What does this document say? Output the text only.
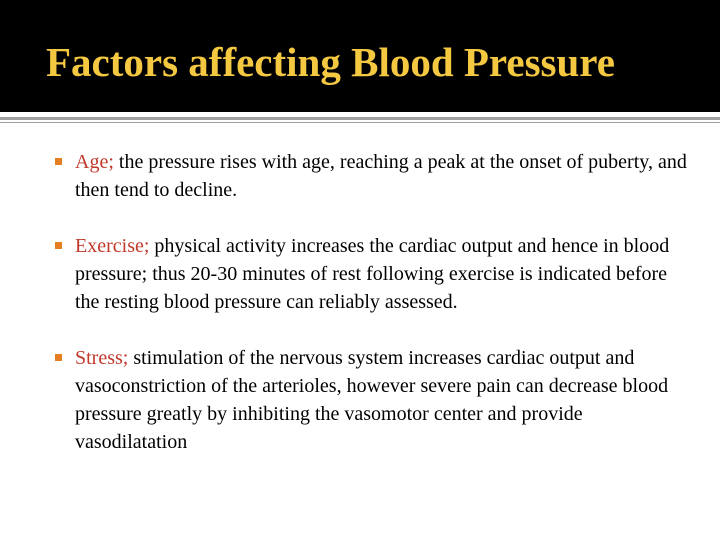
Factors affecting Blood Pressure
Age; the pressure rises with age, reaching a peak at the onset of puberty, and then tend to decline.
Exercise; physical activity increases the cardiac output and hence in blood pressure; thus 20-30 minutes of rest following exercise is indicated before the resting blood pressure can reliably assessed.
Stress; stimulation of the nervous system increases cardiac output and vasoconstriction of the arterioles, however severe pain can decrease blood pressure greatly by inhibiting the vasomotor center and provide vasodilatation
